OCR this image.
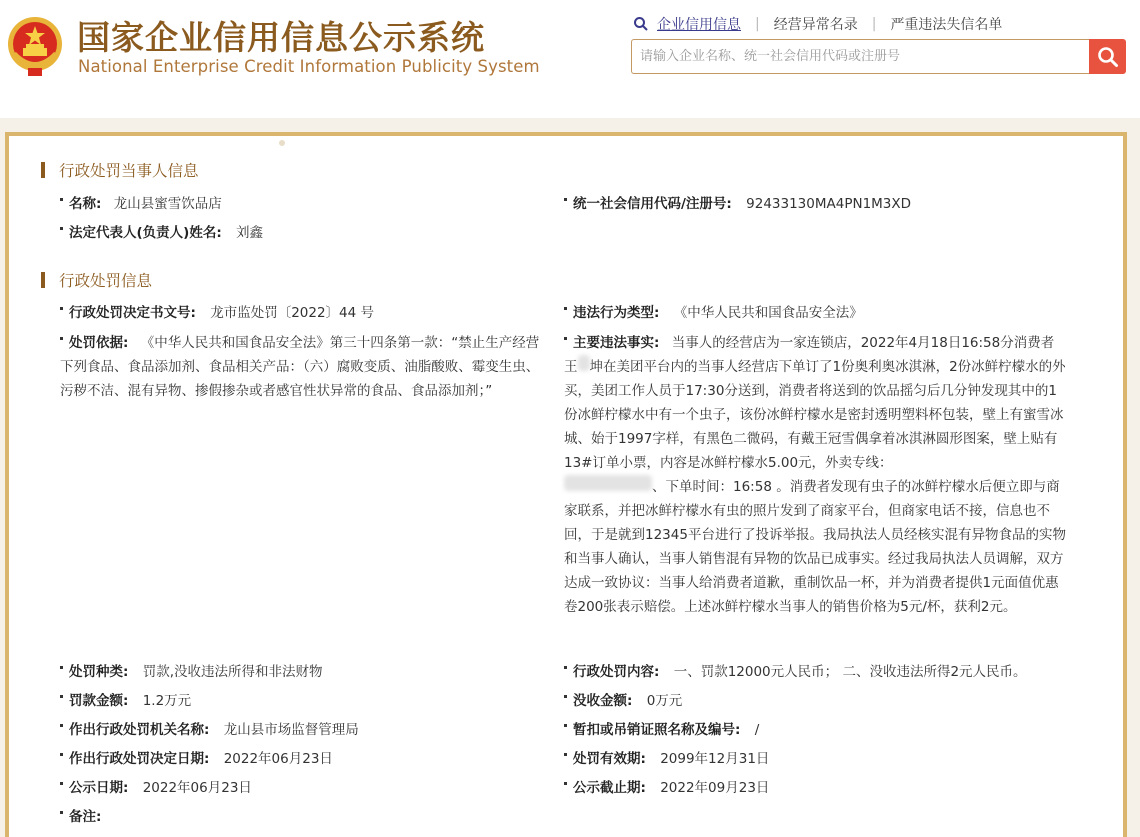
国家企业信用信息公示系统
National Enterprise Credit Information Publicity System
企业信用信息 | 经营异常名录 | 严重违法失信名单
请输入企业名称、统一社会信用代码或注册号
行政处罚当事人信息
名称: 龙山县蜜雪饮品店	统一社会信用代码/注册号: 92433130MA4PN1M3XD
法定代表人(负责人)姓名: 刘鑫
行政处罚信息
行政处罚决定书文号: 龙市监处罚〔2022〕44 号	违法行为类型: 《中华人民共和国食品安全法》
处罚依据: 《中华人民共和国食品安全法》第三十四条第一款：“禁止生产经营下列食品、食品添加剂、食品相关产品：（六）腐败变质、油脂酸败、霉变生虫、污秽不洁、混有异物、掺假掺杂或者感官性状异常的食品、食品添加剂；”
主要违法事实: 当事人的经营店为一家连锁店，2022年4月18日16:58分消费者王 坤在美团平台内的当事人经营店下单订了1份奥利奥冰淇淋，2份冰鲜柠檬水的外买，美团工作人员于17:30分送到，消费者将送到的饮品摇匀后几分钟发现其中的1份冰鲜柠檬水中有一个虫子，该份冰鲜柠檬水是密封透明塑料杯包装，壁上有蜜雪冰城、始于1997字样，有黑色二微码，有戴王冠雪偶拿着冰淇淋圆形图案，壁上贴有13#订单小票，内容是冰鲜柠檬水5.00元，外卖专线：
、下单时间：16:58 。消费者发现有虫子的冰鲜柠檬水后便立即与商家联系，并把冰鲜柠檬水有虫的照片发到了商家平台，但商家电话不接，信息也不回，于是就到12345平台进行了投诉举报。我局执法人员经核实混有异物食品的实物和当事人确认，当事人销售混有异物的饮品已成事实。经过我局执法人员调解，双方达成一致协议：当事人给消费者道歉，重制饮品一杯，并为消费者提供1元面值优惠卷200张表示赔偿。上述冰鲜柠檬水当事人的销售价格为5元/杯，获利2元。
处罚种类: 罚款,没收违法所得和非法财物	行政处罚内容: 一、罚款12000元人民币； 二、没收违法所得2元人民币。
罚款金额: 1.2万元	没收金额: 0万元
作出行政处罚机关名称: 龙山县市场监督管理局	暂扣或吊销证照名称及编号: /
作出行政处罚决定日期: 2022年06月23日	处罚有效期: 2099年12月31日
公示日期: 2022年06月23日	公示截止期: 2022年09月23日
备注:
